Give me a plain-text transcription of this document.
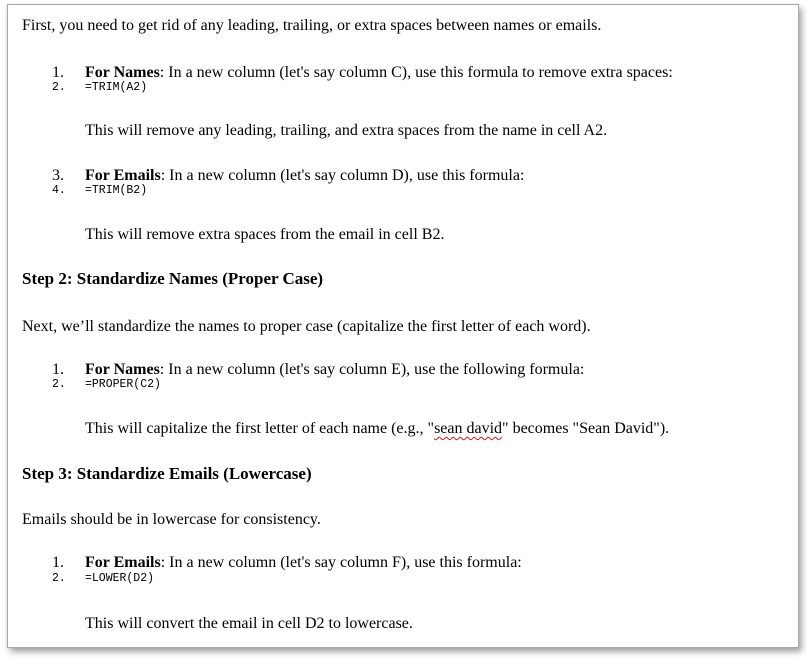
First, you need to get rid of any leading, trailing, or extra spaces between names or emails.
1. For Names: In a new column (let's say column C), use this formula to remove extra spaces:
2. =TRIM(A2)
This will remove any leading, trailing, and extra spaces from the name in cell A2.
3. For Emails: In a new column (let's say column D), use this formula:
4. =TRIM(B2)
This will remove extra spaces from the email in cell B2.
Step 2: Standardize Names (Proper Case)
Next, we’ll standardize the names to proper case (capitalize the first letter of each word).
1. For Names: In a new column (let's say column E), use the following formula:
2. =PROPER(C2)
This will capitalize the first letter of each name (e.g., "sean david" becomes "Sean David").
Step 3: Standardize Emails (Lowercase)
Emails should be in lowercase for consistency.
1. For Emails: In a new column (let's say column F), use this formula:
2. =LOWER(D2)
This will convert the email in cell D2 to lowercase.
